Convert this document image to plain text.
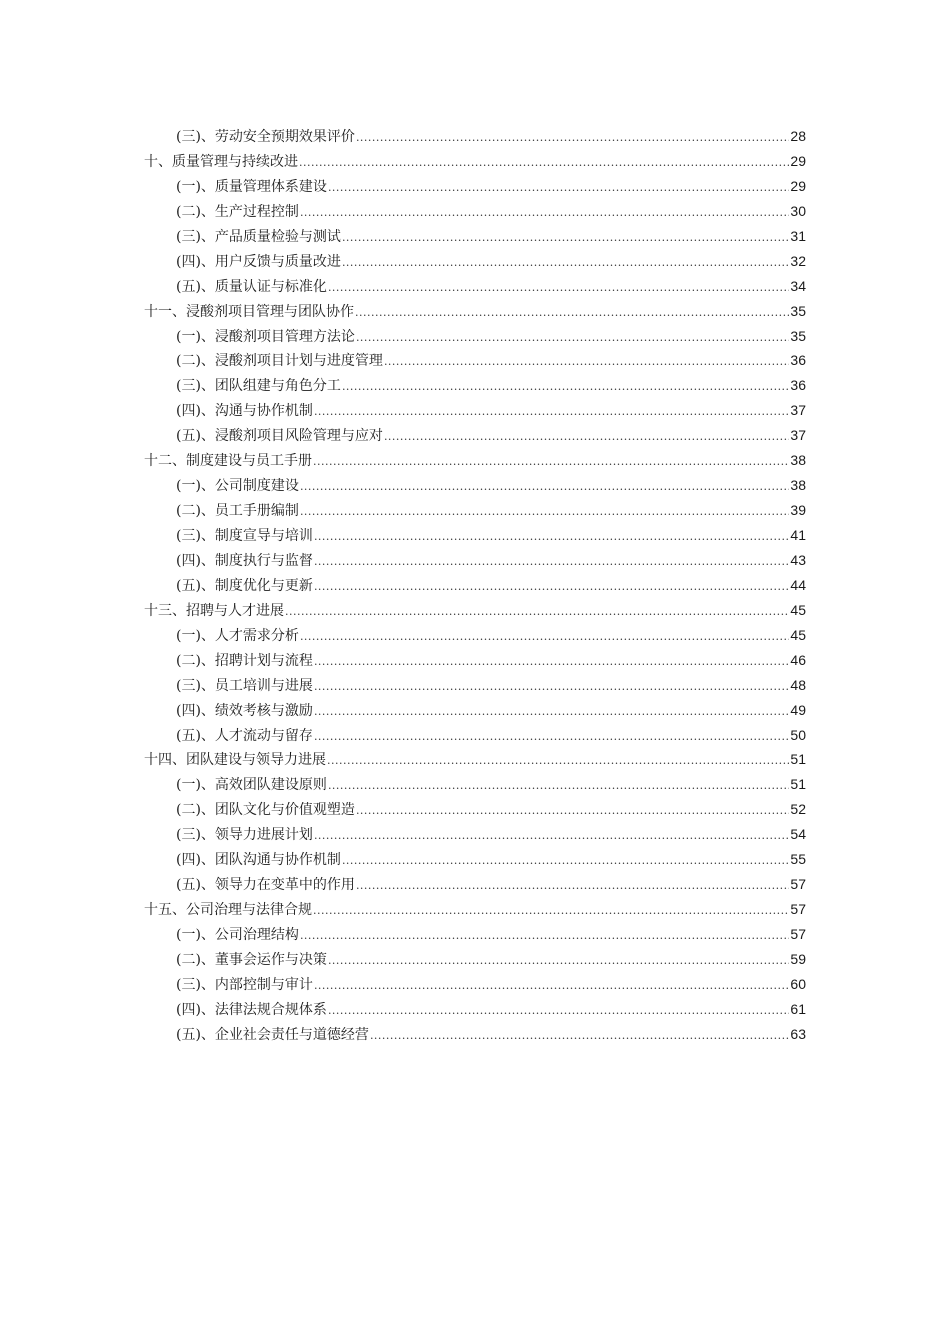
(三)、劳动安全预期效果评价 .....	28
十、质量管理与持续改进 .....	29
(一)、质量管理体系建设 .....	29
(二)、生产过程控制 .....	30
(三)、产品质量检验与测试 .....	31
(四)、用户反馈与质量改进 .....	32
(五)、质量认证与标准化 .....	34
十一、浸酸剂项目管理与团队协作 .....	35
(一)、浸酸剂项目管理方法论 .....	35
(二)、浸酸剂项目计划与进度管理 .....	36
(三)、团队组建与角色分工 .....	36
(四)、沟通与协作机制 .....	37
(五)、浸酸剂项目风险管理与应对 .....	37
十二、制度建设与员工手册 .....	38
(一)、公司制度建设 .....	38
(二)、员工手册编制 .....	39
(三)、制度宣导与培训 .....	41
(四)、制度执行与监督 .....	43
(五)、制度优化与更新 .....	44
十三、招聘与人才进展 .....	45
(一)、人才需求分析 .....	45
(二)、招聘计划与流程 .....	46
(三)、员工培训与进展 .....	48
(四)、绩效考核与激励 .....	49
(五)、人才流动与留存 .....	50
十四、团队建设与领导力进展 .....	51
(一)、高效团队建设原则 .....	51
(二)、团队文化与价值观塑造 .....	52
(三)、领导力进展计划 .....	54
(四)、团队沟通与协作机制 .....	55
(五)、领导力在变革中的作用 .....	57
十五、公司治理与法律合规 .....	57
(一)、公司治理结构 .....	57
(二)、董事会运作与决策 .....	59
(三)、内部控制与审计 .....	60
(四)、法律法规合规体系 .....	61
(五)、企业社会责任与道德经营 .....	63
